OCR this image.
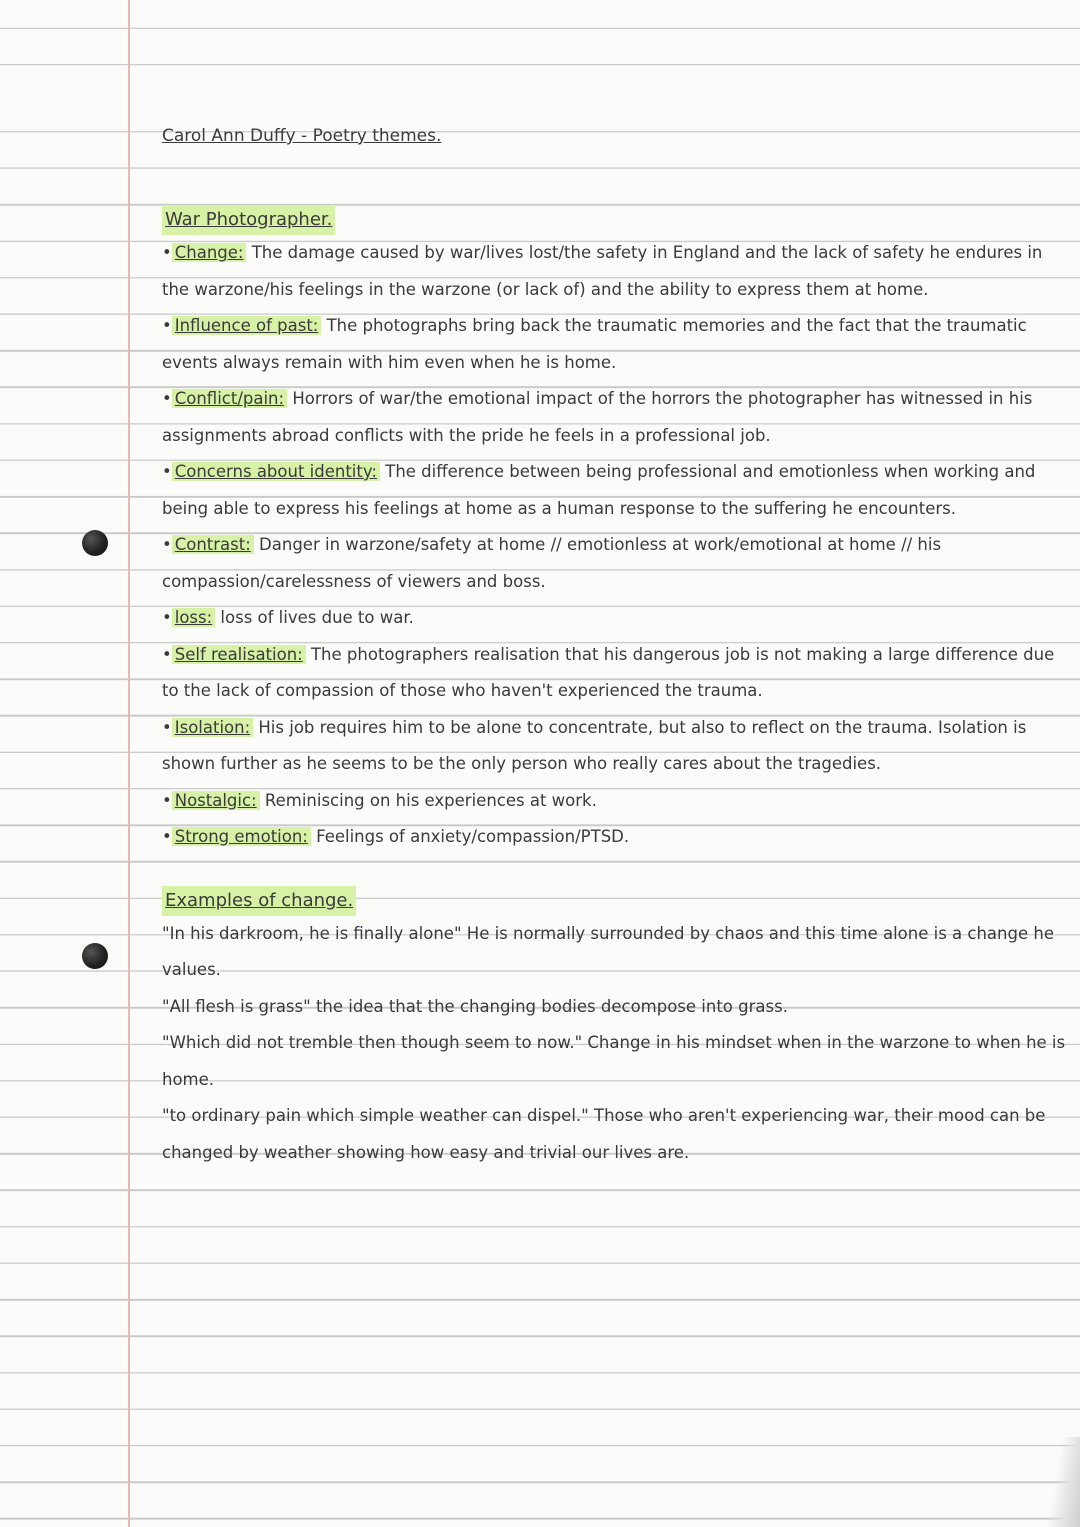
Carol Ann Duffy - Poetry themes.
War Photographer.

• Change: The damage caused by war/lives lost/the safety in England and the lack of safety he endures in the warzone/his feelings in the warzone (or lack of) and the ability to express them at home.

• Influence of past: The photographs bring back the traumatic memories and the fact that the traumatic events always remain with him even when he is home.

• Conflict/pain: Horrors of war/the emotional impact of the horrors the photographer has witnessed in his assignments abroad conflicts with the pride he feels in a professional job.

• Concerns about identity: The difference between being professional and emotionless when working and being able to express his feelings at home as a human response to the suffering he encounters.

• Contrast: Danger in warzone/safety at home // emotionless at work/emotional at home // his compassion/carelessness of viewers and boss.

• loss: loss of lives due to war.

• Self realisation: The photographers realisation that his dangerous job is not making a large difference due to the lack of compassion of those who haven't experienced the trauma.

• Isolation: His job requires him to be alone to concentrate, but also to reflect on the trauma. Isolation is shown further as he seems to be the only person who really cares about the tragedies.

• Nostalgic: Reminiscing on his experiences at work.

• Strong emotion: Feelings of anxiety/compassion/PTSD.

Examples of change.

"In his darkroom, he is finally alone" He is normally surrounded by chaos and this time alone is a change he values.

"All flesh is grass" the idea that the changing bodies decompose into grass.

"Which did not tremble then though seem to now." Change in his mindset when in the warzone to when he is home.

"to ordinary pain which simple weather can dispel." Those who aren't experiencing war, their mood can be changed by weather showing how easy and trivial our lives are.
